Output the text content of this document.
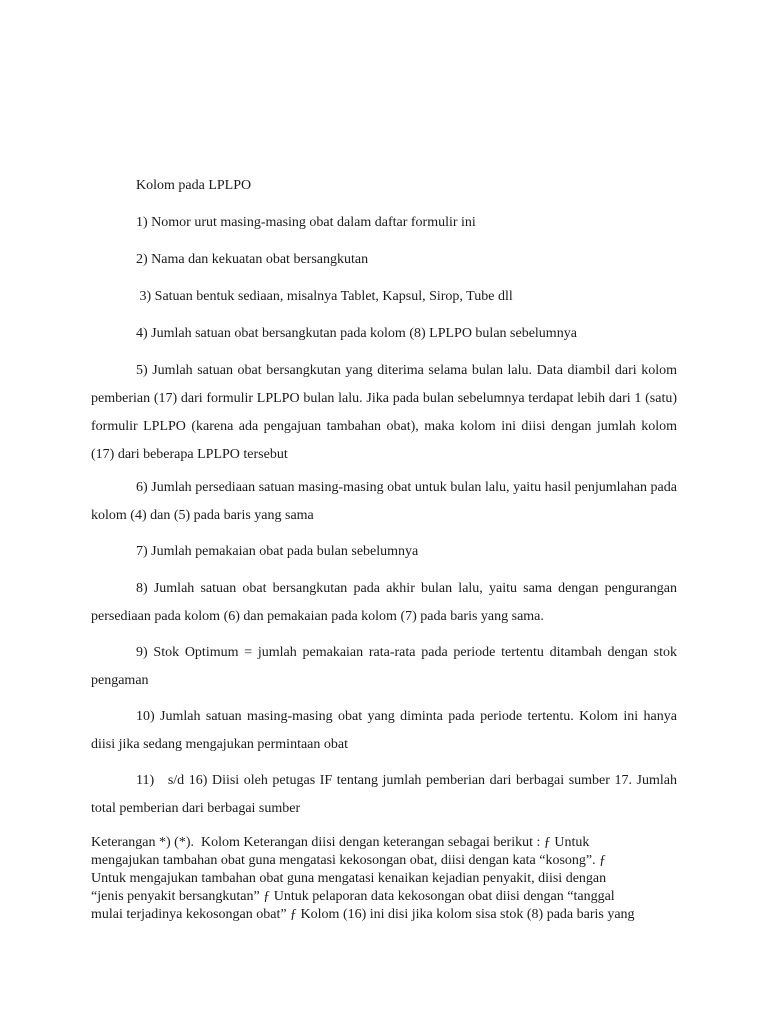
Kolom pada LPLPO

1) Nomor urut masing-masing obat dalam daftar formulir ini

2) Nama dan kekuatan obat bersangkutan

3) Satuan bentuk sediaan, misalnya Tablet, Kapsul, Sirop, Tube dll

4) Jumlah satuan obat bersangkutan pada kolom (8) LPLPO bulan sebelumnya

5) Jumlah satuan obat bersangkutan yang diterima selama bulan lalu. Data diambil dari kolom pemberian (17) dari formulir LPLPO bulan lalu. Jika pada bulan sebelumnya terdapat lebih dari 1 (satu) formulir LPLPO (karena ada pengajuan tambahan obat), maka kolom ini diisi dengan jumlah kolom (17) dari beberapa LPLPO tersebut

6) Jumlah persediaan satuan masing-masing obat untuk bulan lalu, yaitu hasil penjumlahan pada kolom (4) dan (5) pada baris yang sama

7) Jumlah pemakaian obat pada bulan sebelumnya

8) Jumlah satuan obat bersangkutan pada akhir bulan lalu, yaitu sama dengan pengurangan persediaan pada kolom (6) dan pemakaian pada kolom (7) pada baris yang sama.

9) Stok Optimum = jumlah pemakaian rata-rata pada periode tertentu ditambah dengan stok pengaman

10) Jumlah satuan masing-masing obat yang diminta pada periode tertentu. Kolom ini hanya diisi jika sedang mengajukan permintaan obat

11)   s/d 16) Diisi oleh petugas IF tentang jumlah pemberian dari berbagai sumber 17. Jumlah total pemberian dari berbagai sumber

Keterangan *) (*).  Kolom Keterangan diisi dengan keterangan sebagai berikut : ƒ Untuk

mengajukan tambahan obat guna mengatasi kekosongan obat, diisi dengan kata “kosong”. ƒ

Untuk mengajukan tambahan obat guna mengatasi kenaikan kejadian penyakit, diisi dengan

“jenis penyakit bersangkutan” ƒ Untuk pelaporan data kekosongan obat diisi dengan “tanggal

mulai terjadinya kekosongan obat” ƒ Kolom (16) ini disi jika kolom sisa stok (8) pada baris yang
